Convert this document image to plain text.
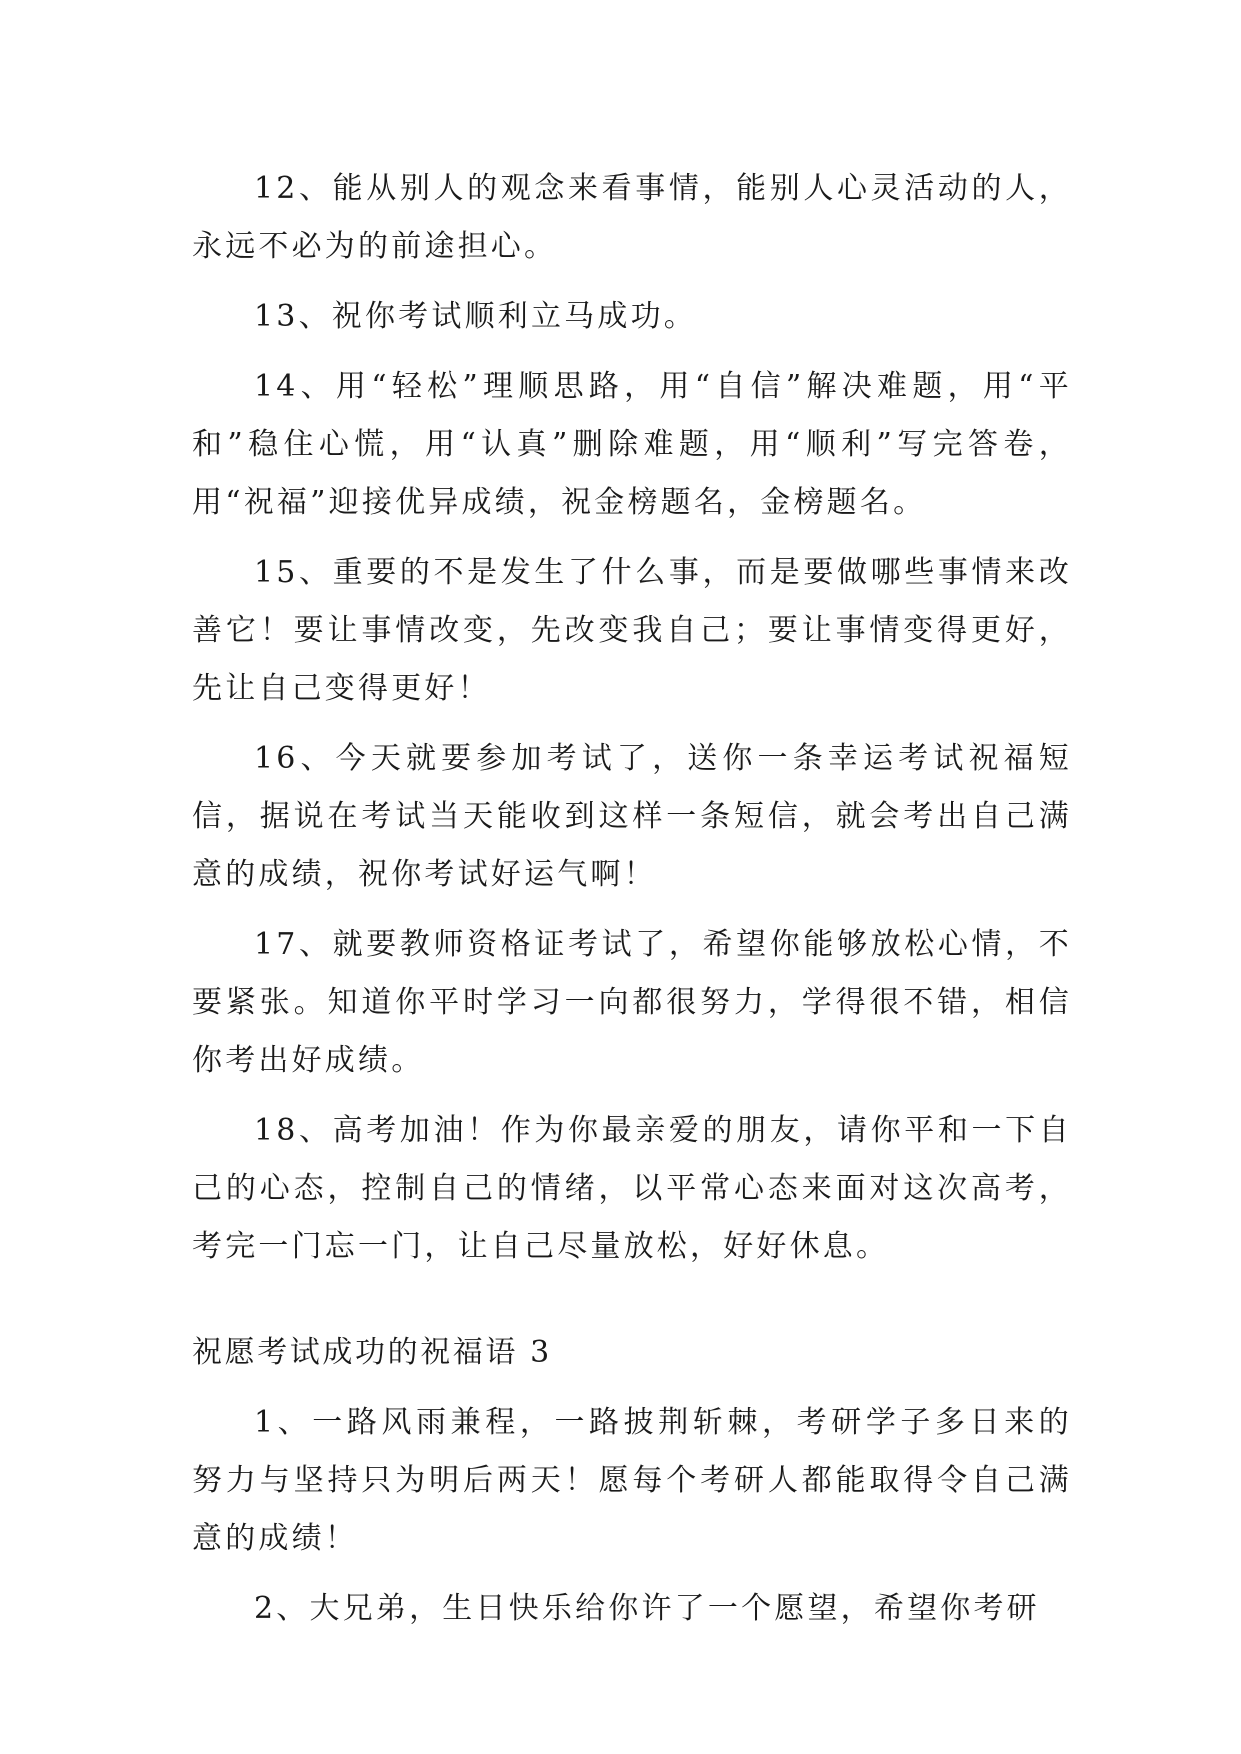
12、能从别人的观念来看事情，能别人心灵活动的人，永远不必为的前途担心。

13、祝你考试顺利立马成功。

14、用“轻松”理顺思路，用“自信”解决难题，用“平和”稳住心慌，用“认真”删除难题，用“顺利”写完答卷，用“祝福”迎接优异成绩，祝金榜题名，金榜题名。

15、重要的不是发生了什么事，而是要做哪些事情来改善它！要让事情改变，先改变我自己；要让事情变得更好，先让自己变得更好！

16、今天就要参加考试了，送你一条幸运考试祝福短信，据说在考试当天能收到这样一条短信，就会考出自己满意的成绩，祝你考试好运气啊！

17、就要教师资格证考试了，希望你能够放松心情，不要紧张。知道你平时学习一向都很努力，学得很不错，相信你考出好成绩。

18、高考加油！作为你最亲爱的朋友，请你平和一下自己的心态，控制自己的情绪，以平常心态来面对这次高考，考完一门忘一门，让自己尽量放松，好好休息。

祝愿考试成功的祝福语 3

1、一路风雨兼程，一路披荆斩棘，考研学子多日来的努力与坚持只为明后两天！愿每个考研人都能取得令自己满意的成绩！

2、大兄弟，生日快乐给你许了一个愿望，希望你考研
